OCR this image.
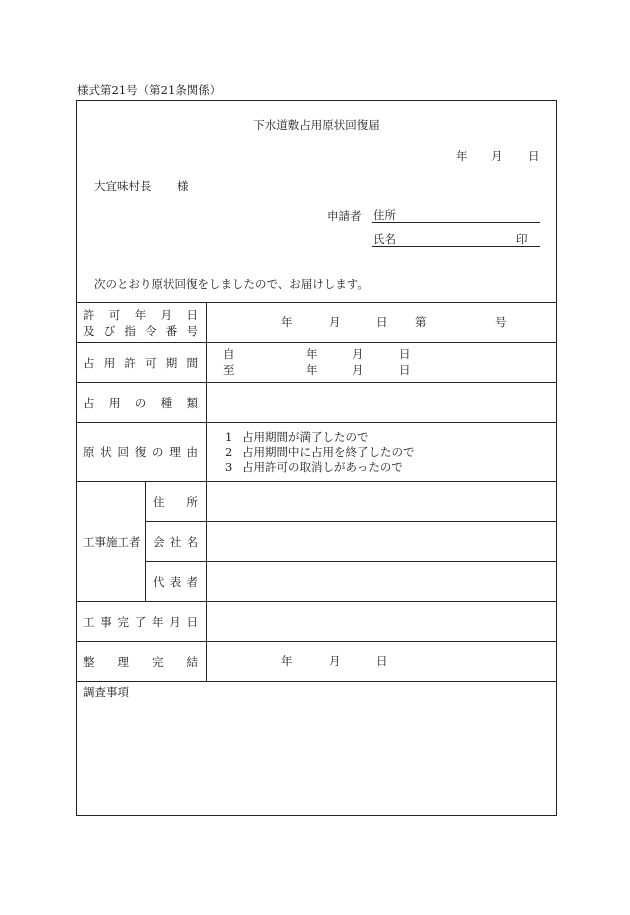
様式第21号（第21条関係）
下水道敷占用原状回復届
年 月 日
大宜味村長 様
申請者 住所
氏名	印
次のとおり原状回復をしましたので、お届けします。
許 可 年 月 日
及 び 指 令 番 号
年	月	日 第	号
占 用 許 可 期 間
自	年	月	日
至	年	月	日
占 用 の 種 類
原 状 回 復 の 理 由
1 占用期間が満了したので
2 占用期間中に占用を終了したので
3 占用許可の取消しがあったので
工事施工者
住 所
会 社 名
代 表 者
工 事 完 了 年 月 日
整 理 完 結	年	月	日
調査事項
